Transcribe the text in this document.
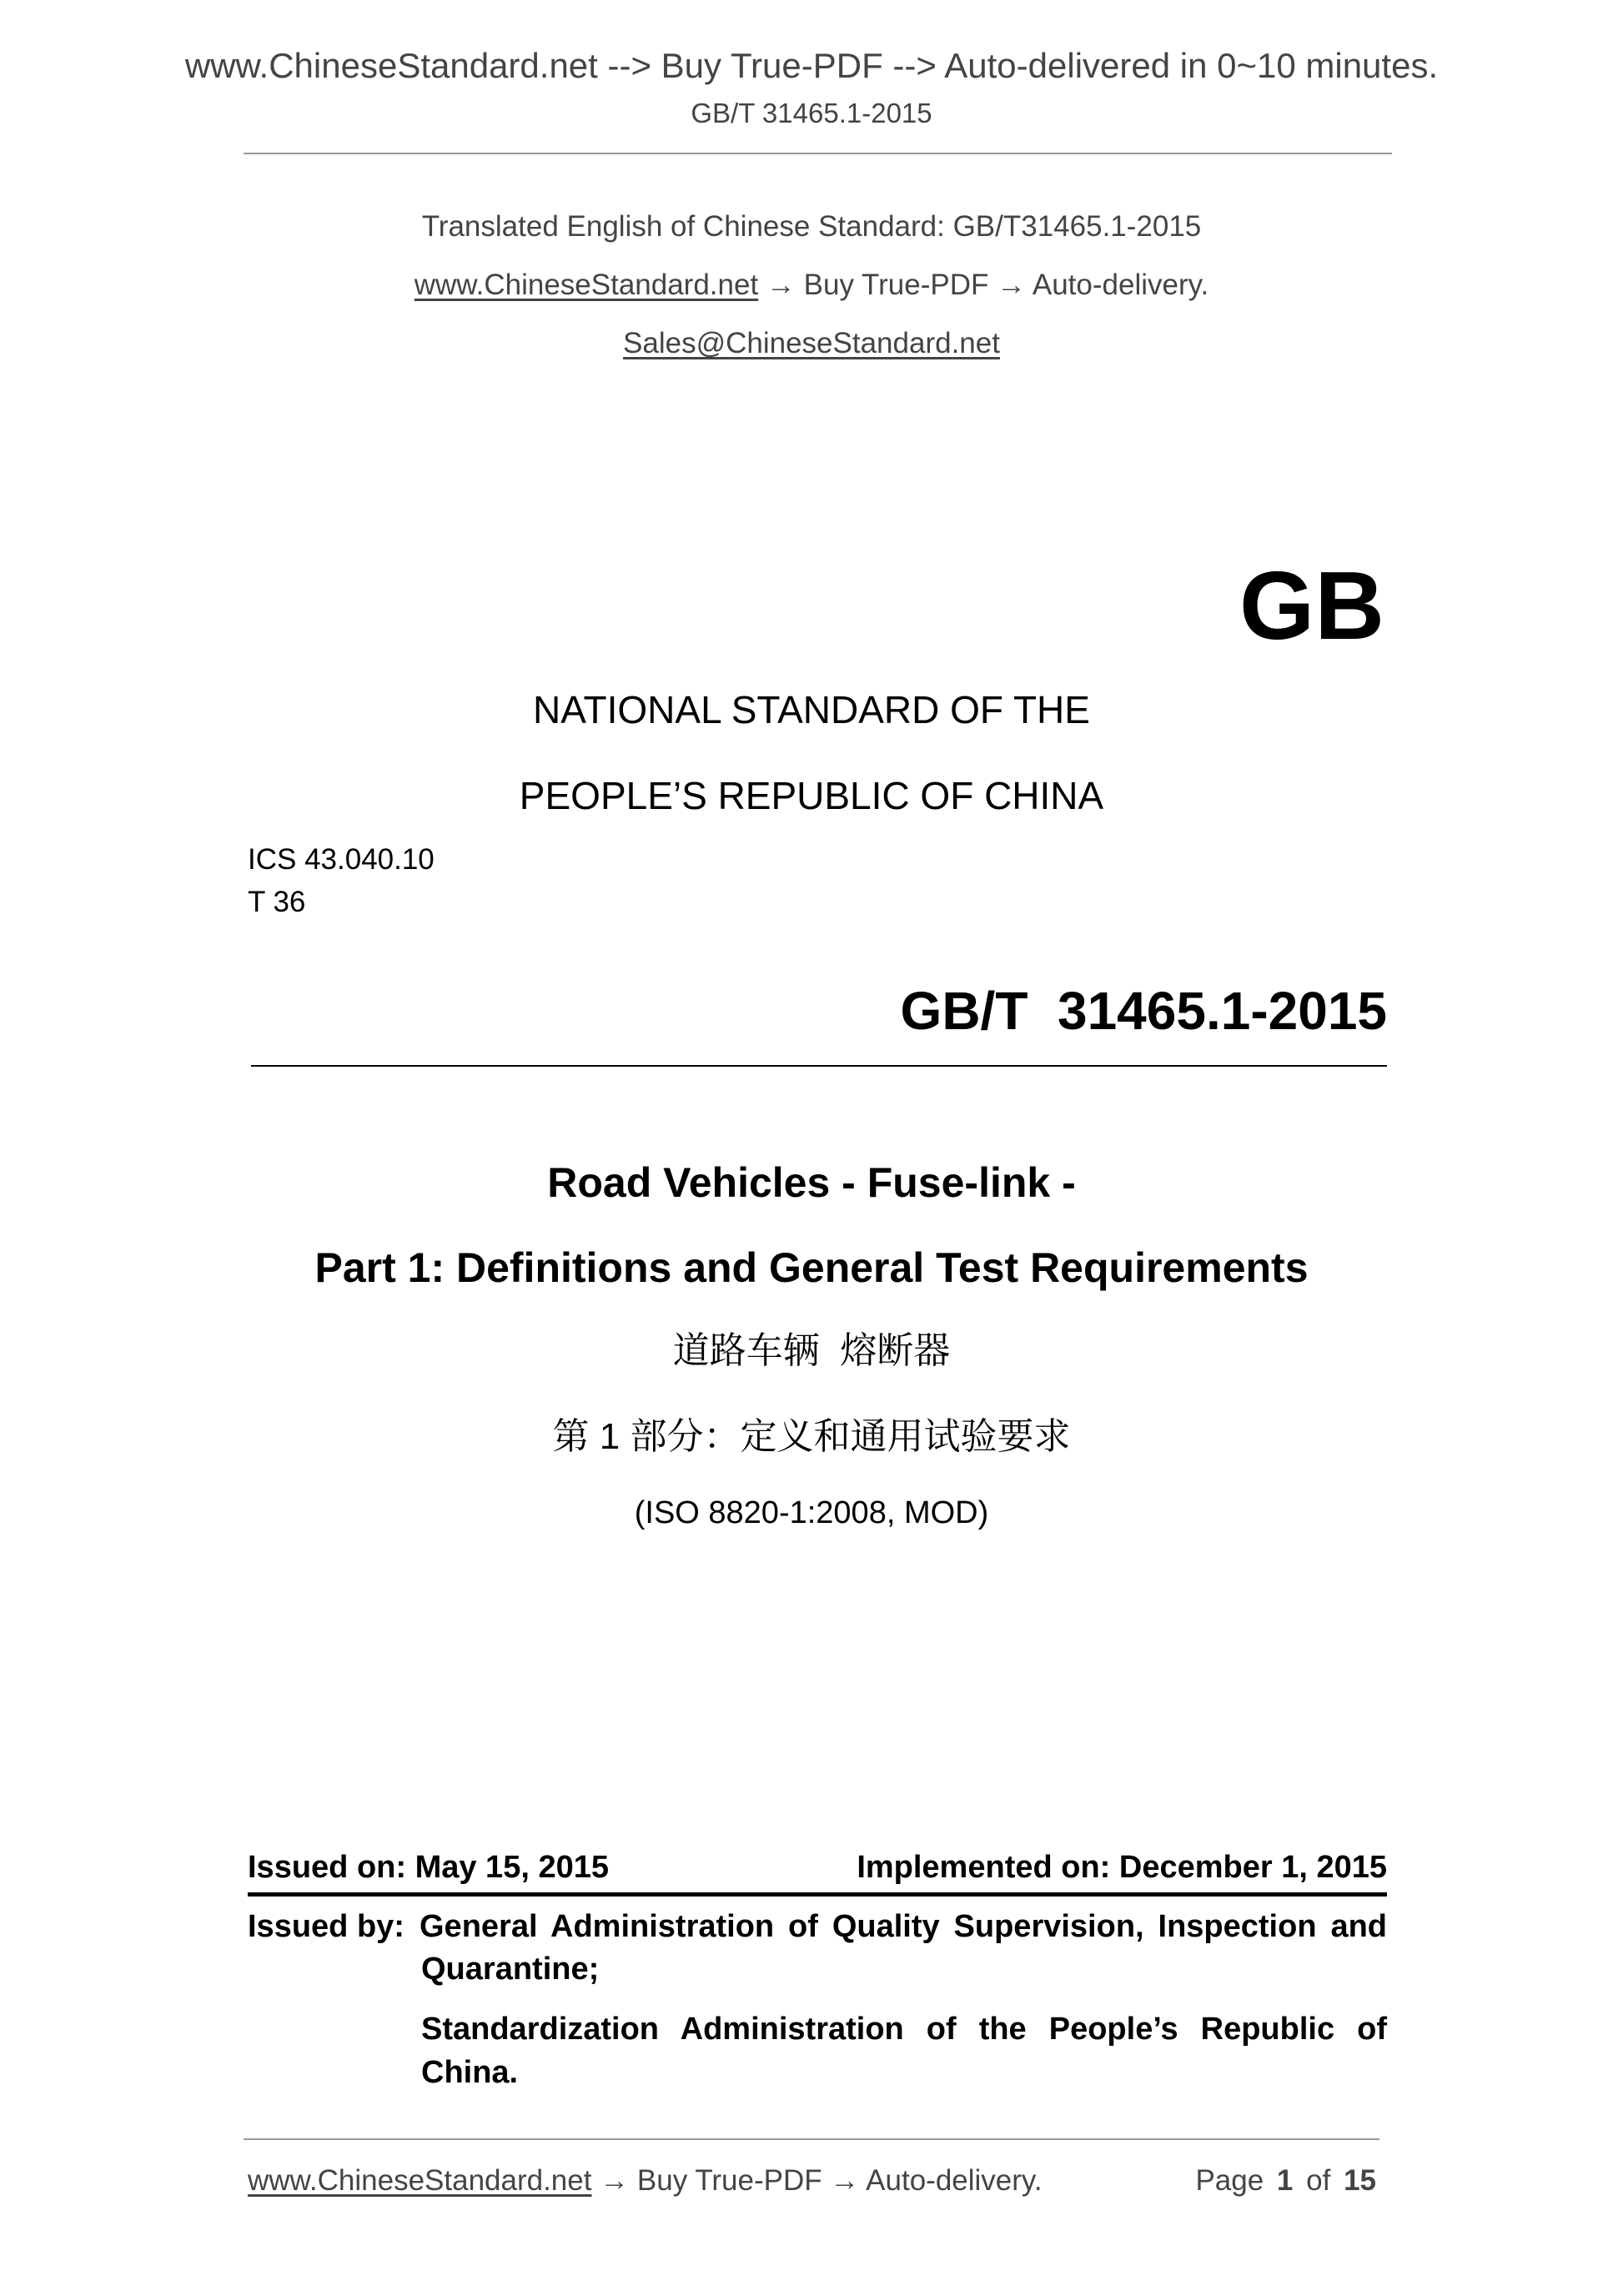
www.ChineseStandard.net --> Buy True-PDF --> Auto-delivered in 0~10 minutes.
GB/T 31465.1-2015
Translated English of Chinese Standard: GB/T31465.1-2015
www.ChineseStandard.net → Buy True-PDF → Auto-delivery.
Sales@ChineseStandard.net
GB
NATIONAL STANDARD OF THE
PEOPLE’S REPUBLIC OF CHINA
ICS 43.040.10
T 36
GB/T  31465.1-2015
Road Vehicles - Fuse-link -
Part 1: Definitions and General Test Requirements
道路车辆  熔断器
第 1 部分：定义和通用试验要求
(ISO 8820-1:2008, MOD)
Issued on: May 15, 2015	Implemented on: December 1, 2015
Issued by: General Administration of Quality Supervision, Inspection and
Quarantine;
Standardization Administration of the People’s Republic of
China.
www.ChineseStandard.net → Buy True-PDF → Auto-delivery.	Page 1 of 15
